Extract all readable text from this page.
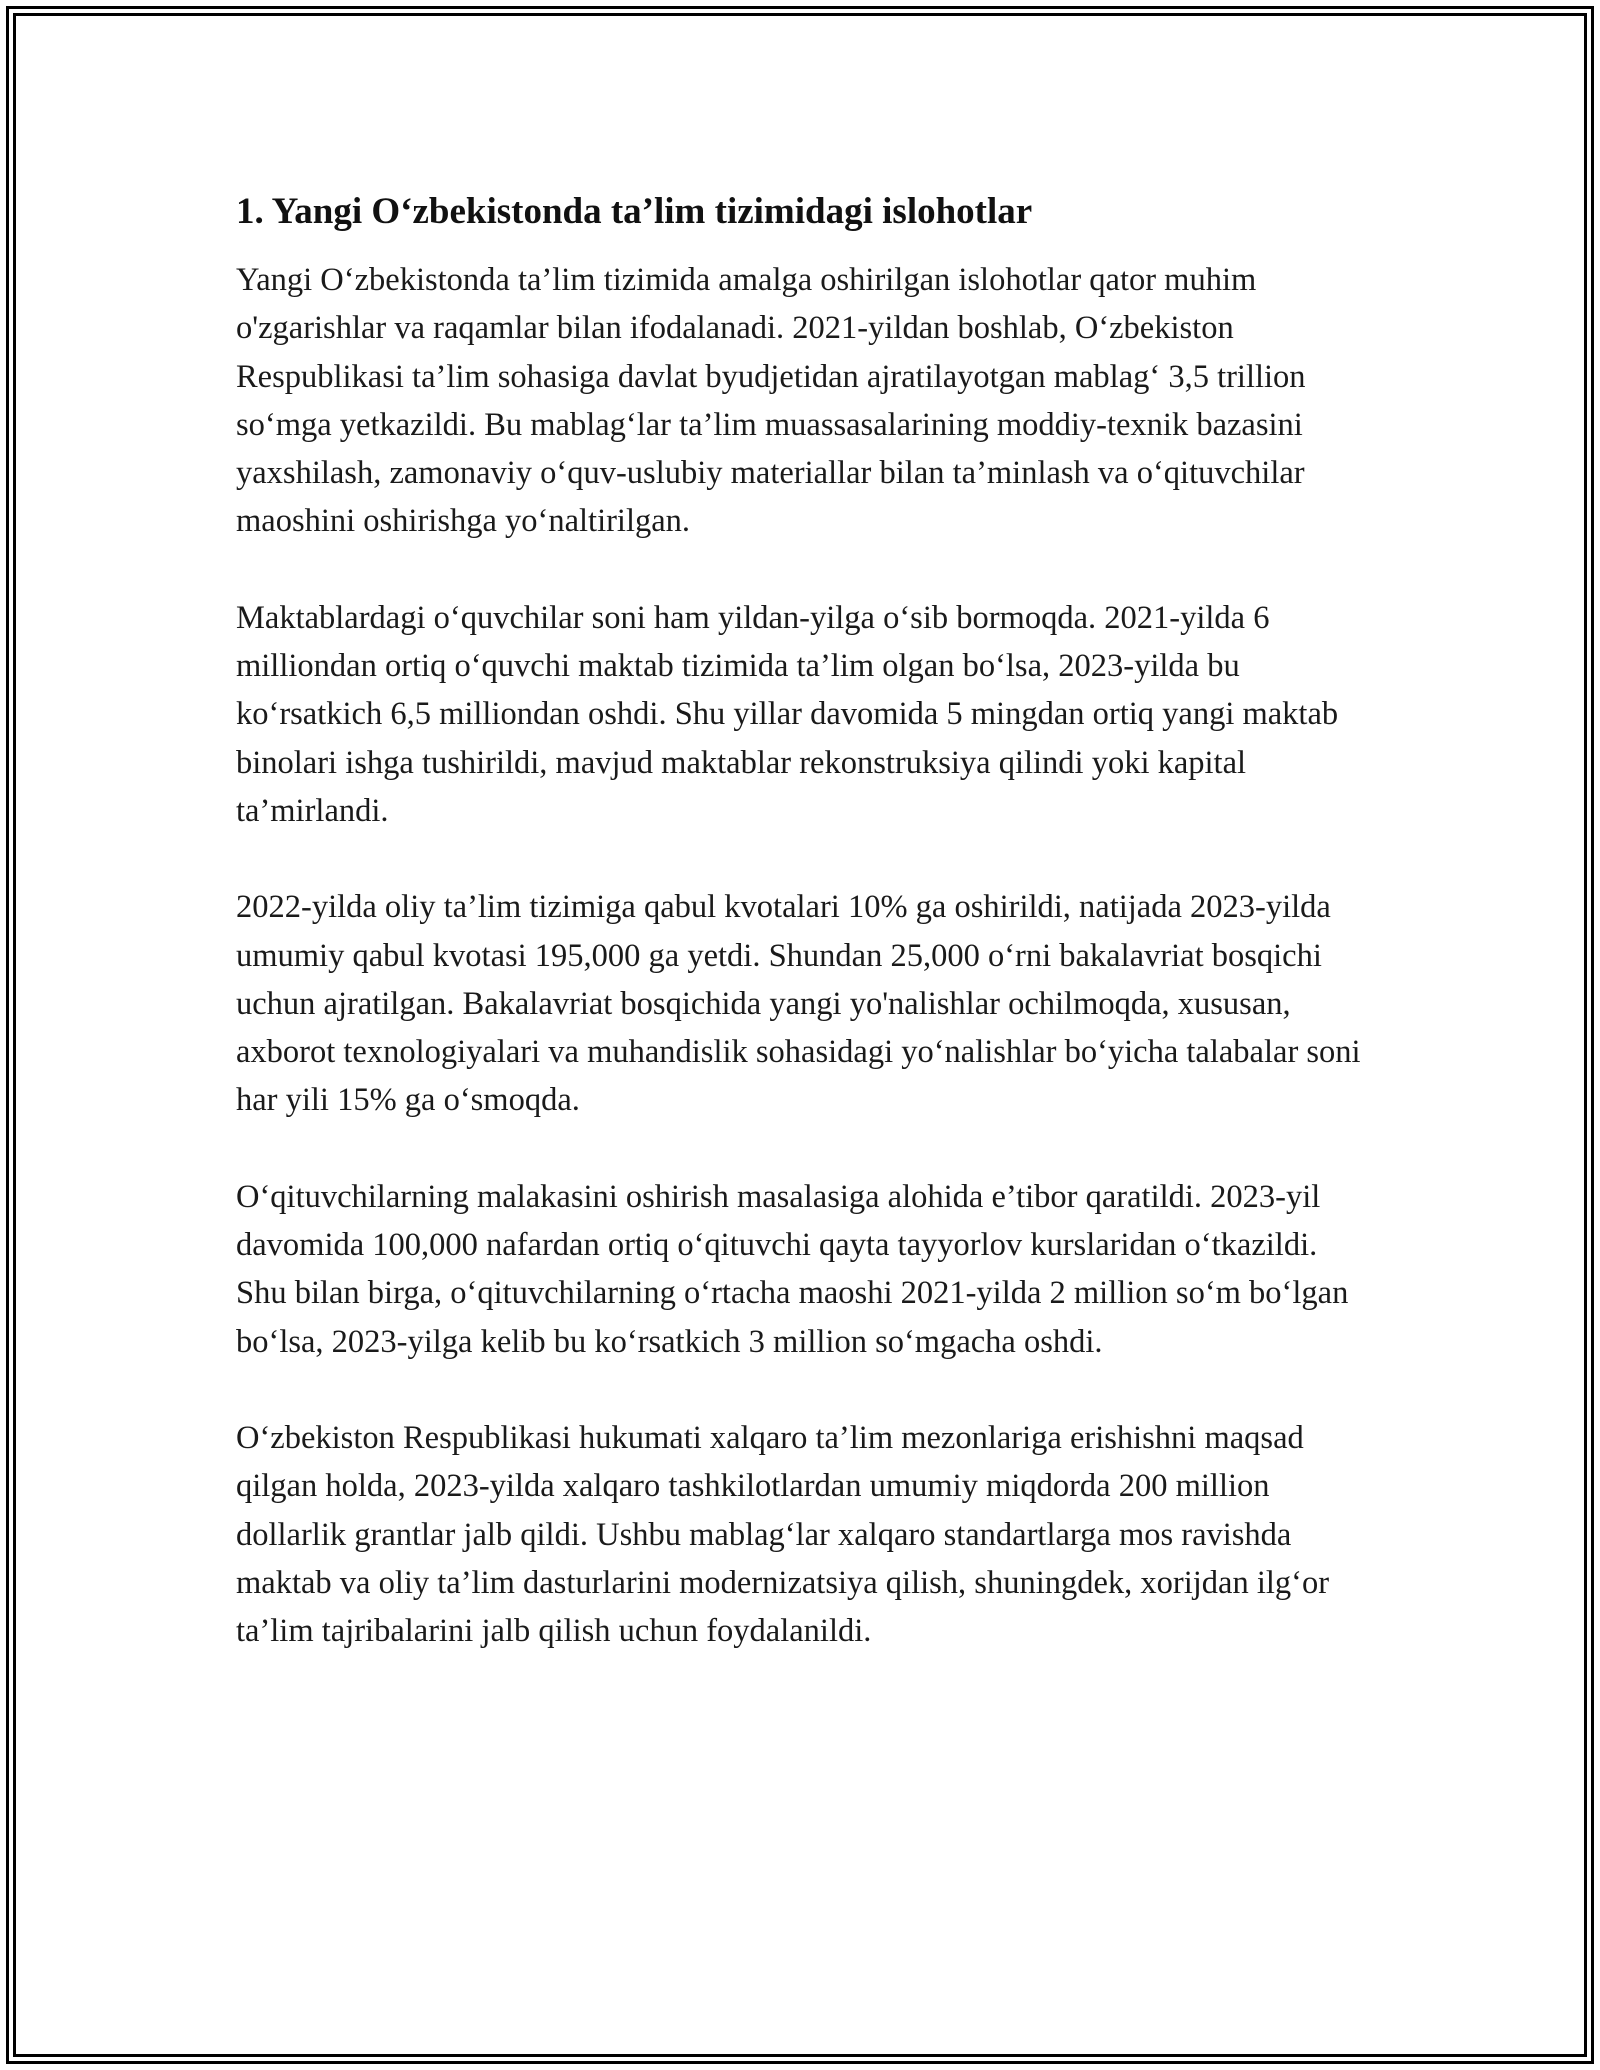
1. Yangi O‘zbekistonda ta’lim tizimidagi islohotlar

Yangi O‘zbekistonda ta’lim tizimida amalga oshirilgan islohotlar qator muhim o'zgarishlar va raqamlar bilan ifodalanadi. 2021-yildan boshlab, O‘zbekiston Respublikasi ta’lim sohasiga davlat byudjetidan ajratilayotgan mablag‘ 3,5 trillion so‘mga yetkazildi. Bu mablag‘lar ta’lim muassasalarining moddiy-texnik bazasini yaxshilash, zamonaviy o‘quv-uslubiy materiallar bilan ta’minlash va o‘qituvchilar maoshini oshirishga yo‘naltirilgan.

Maktablardagi o‘quvchilar soni ham yildan-yilga o‘sib bormoqda. 2021-yilda 6 milliondan ortiq o‘quvchi maktab tizimida ta’lim olgan bo‘lsa, 2023-yilda bu ko‘rsatkich 6,5 milliondan oshdi. Shu yillar davomida 5 mingdan ortiq yangi maktab binolari ishga tushirildi, mavjud maktablar rekonstruksiya qilindi yoki kapital ta’mirlandi.

2022-yilda oliy ta’lim tizimiga qabul kvotalari 10% ga oshirildi, natijada 2023-yilda umumiy qabul kvotasi 195,000 ga yetdi. Shundan 25,000 o‘rni bakalavriat bosqichi uchun ajratilgan. Bakalavriat bosqichida yangi yo'nalishlar ochilmoqda, xususan, axborot texnologiyalari va muhandislik sohasidagi yo‘nalishlar bo‘yicha talabalar soni har yili 15% ga o‘smoqda.

O‘qituvchilarning malakasini oshirish masalasiga alohida e’tibor qaratildi. 2023-yil davomida 100,000 nafardan ortiq o‘qituvchi qayta tayyorlov kurslaridan o‘tkazildi. Shu bilan birga, o‘qituvchilarning o‘rtacha maoshi 2021-yilda 2 million so‘m bo‘lgan bo‘lsa, 2023-yilga kelib bu ko‘rsatkich 3 million so‘mgacha oshdi.

O‘zbekiston Respublikasi hukumati xalqaro ta’lim mezonlariga erishishni maqsad qilgan holda, 2023-yilda xalqaro tashkilotlardan umumiy miqdorda 200 million dollarlik grantlar jalb qildi. Ushbu mablag‘lar xalqaro standartlarga mos ravishda maktab va oliy ta’lim dasturlarini modernizatsiya qilish, shuningdek, xorijdan ilg‘or ta’lim tajribalarini jalb qilish uchun foydalanildi.
